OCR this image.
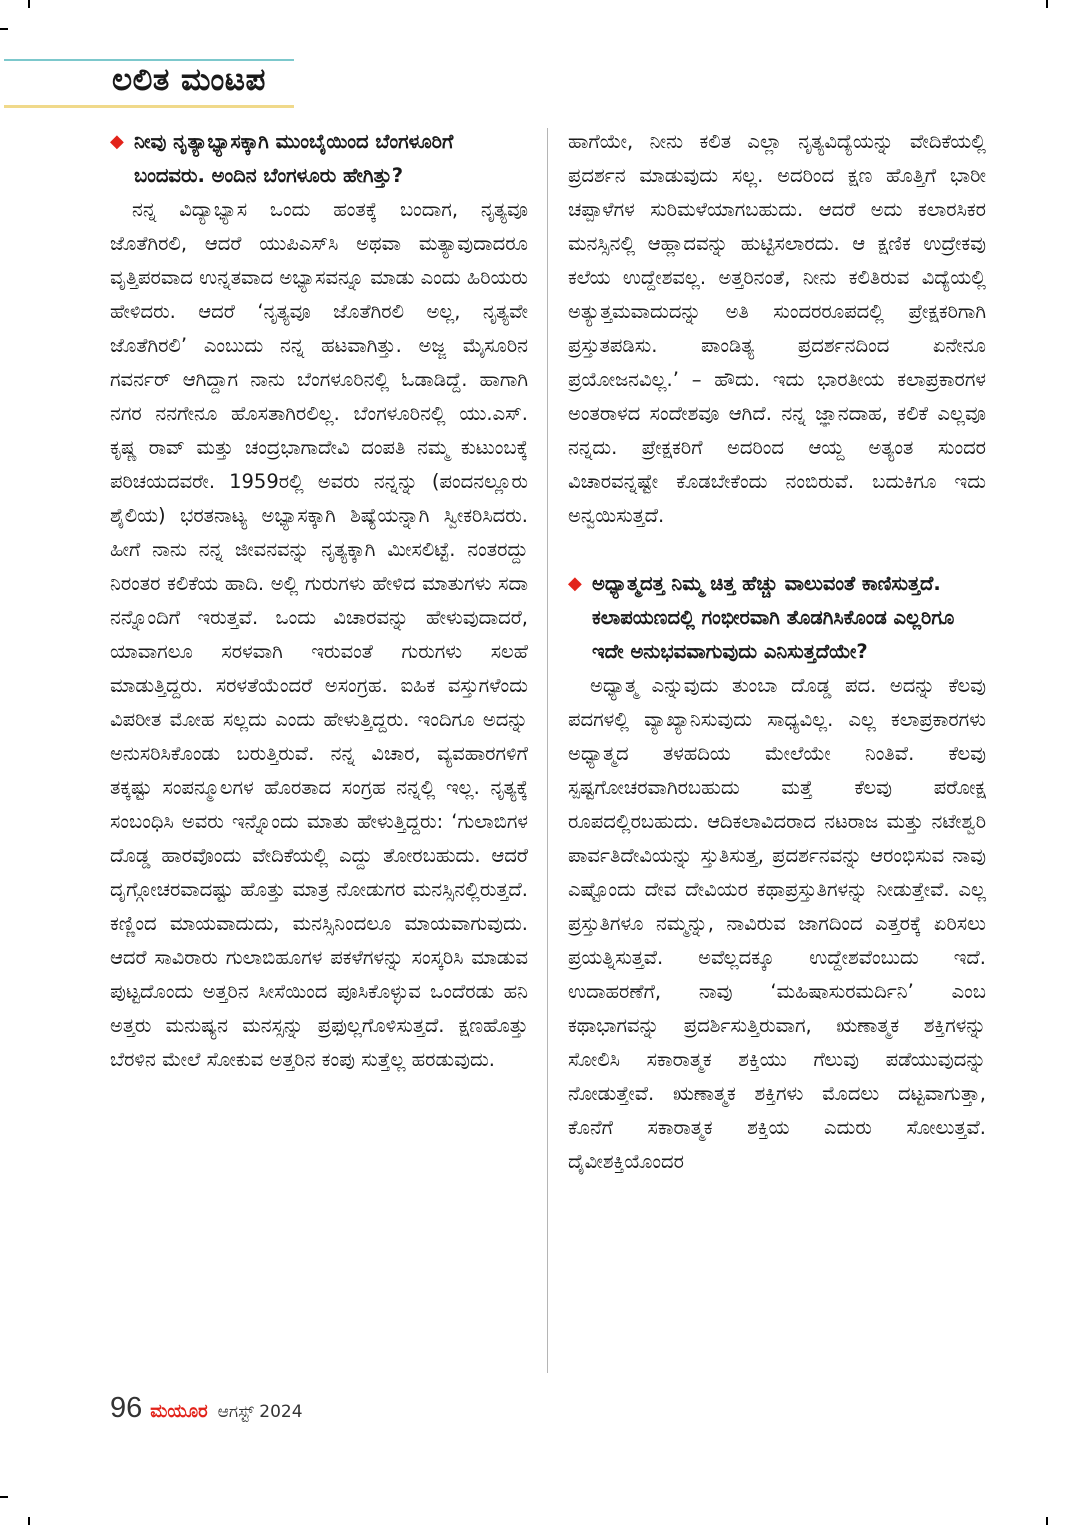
ಲಲಿತ ಮಂಟಪ

◆ ನೀವು ನೃತ್ಯಾಭ್ಯಾಸಕ್ಕಾಗಿ ಮುಂಬೈಯಿಂದ ಬೆಂಗಳೂರಿಗೆ ಬಂದವರು. ಅಂದಿನ ಬೆಂಗಳೂರು ಹೇಗಿತ್ತು?

ನನ್ನ ವಿದ್ಯಾಭ್ಯಾಸ ಒಂದು ಹಂತಕ್ಕೆ ಬಂದಾಗ, ನೃತ್ಯವೂ ಜೊತೆಗಿರಲಿ, ಆದರೆ ಯುಪಿಎಸ್‌ಸಿ ಅಥವಾ ಮತ್ಯಾವುದಾದರೂ ವೃತ್ತಿಪರವಾದ ಉನ್ನತವಾದ ಅಭ್ಯಾಸವನ್ನೂ ಮಾಡು ಎಂದು ಹಿರಿಯರು ಹೇಳಿದರು. ಆದರೆ ‘ನೃತ್ಯವೂ ಜೊತೆಗಿರಲಿ ಅಲ್ಲ, ನೃತ್ಯವೇ ಜೊತೆಗಿರಲಿ’ ಎಂಬುದು ನನ್ನ ಹಟವಾಗಿತ್ತು. ಅಜ್ಜ ಮೈಸೂರಿನ ಗವರ್ನರ್ ಆಗಿದ್ದಾಗ ನಾನು ಬೆಂಗಳೂರಿನಲ್ಲಿ ಓಡಾಡಿದ್ದೆ. ಹಾಗಾಗಿ ನಗರ ನನಗೇನೂ ಹೊಸತಾಗಿರಲಿಲ್ಲ. ಬೆಂಗಳೂರಿನಲ್ಲಿ ಯು.ಎಸ್. ಕೃಷ್ಣ ರಾವ್ ಮತ್ತು ಚಂದ್ರಭಾಗಾದೇವಿ ದಂಪತಿ ನಮ್ಮ ಕುಟುಂಬಕ್ಕೆ ಪರಿಚಯದವರೇ. 1959ರಲ್ಲಿ ಅವರು ನನ್ನನ್ನು (ಪಂದನಲ್ಲೂರು ಶೈಲಿಯ) ಭರತನಾಟ್ಯ ಅಭ್ಯಾಸಕ್ಕಾಗಿ ಶಿಷ್ಯೆಯನ್ನಾಗಿ ಸ್ವೀಕರಿಸಿದರು. ಹೀಗೆ ನಾನು ನನ್ನ ಜೀವನವನ್ನು ನೃತ್ಯಕ್ಕಾಗಿ ಮೀಸಲಿಟ್ಟೆ. ನಂತರದ್ದು ನಿರಂತರ ಕಲಿಕೆಯ ಹಾದಿ. ಅಲ್ಲಿ ಗುರುಗಳು ಹೇಳಿದ ಮಾತುಗಳು ಸದಾ ನನ್ನೊಂದಿಗೆ ಇರುತ್ತವೆ. ಒಂದು ವಿಚಾರವನ್ನು ಹೇಳುವುದಾದರೆ, ಯಾವಾಗಲೂ ಸರಳವಾಗಿ ಇರುವಂತೆ ಗುರುಗಳು ಸಲಹೆ ಮಾಡುತ್ತಿದ್ದರು. ಸರಳತೆಯೆಂದರೆ ಅಸಂಗ್ರಹ. ಐಹಿಕ ವಸ್ತುಗಳೆಂದು ವಿಪರೀತ ಮೋಹ ಸಲ್ಲದು ಎಂದು ಹೇಳುತ್ತಿದ್ದರು. ಇಂದಿಗೂ ಅದನ್ನು ಅನುಸರಿಸಿಕೊಂಡು ಬರುತ್ತಿರುವೆ. ನನ್ನ ವಿಚಾರ, ವ್ಯವಹಾರಗಳಿಗೆ ತಕ್ಕಷ್ಟು ಸಂಪನ್ಮೂಲಗಳ ಹೊರತಾದ ಸಂಗ್ರಹ ನನ್ನಲ್ಲಿ ಇಲ್ಲ. ನೃತ್ಯಕ್ಕೆ ಸಂಬಂಧಿಸಿ ಅವರು ಇನ್ನೊಂದು ಮಾತು ಹೇಳುತ್ತಿದ್ದರು: ‘ಗುಲಾಬಿಗಳ ದೊಡ್ಡ ಹಾರವೊಂದು ವೇದಿಕೆಯಲ್ಲಿ ಎದ್ದು ತೋರಬಹುದು. ಆದರೆ ದೃಗ್ಗೋಚರವಾದಷ್ಟು ಹೊತ್ತು ಮಾತ್ರ ನೋಡುಗರ ಮನಸ್ಸಿನಲ್ಲಿರುತ್ತದೆ. ಕಣ್ಣಿಂದ ಮಾಯವಾದುದು, ಮನಸ್ಸಿನಿಂದಲೂ ಮಾಯವಾಗುವುದು. ಆದರೆ ಸಾವಿರಾರು ಗುಲಾಬಿಹೂಗಳ ಪಕಳೆಗಳನ್ನು ಸಂಸ್ಕರಿಸಿ ಮಾಡುವ ಪುಟ್ಟದೊಂದು ಅತ್ತರಿನ ಸೀಸೆಯಿಂದ ಪೂಸಿಕೊಳ್ಳುವ ಒಂದೆರಡು ಹನಿ ಅತ್ತರು ಮನುಷ್ಯನ ಮನಸ್ಸನ್ನು ಪ್ರಫುಲ್ಲಗೊಳಿಸುತ್ತದೆ. ಕ್ಷಣಹೊತ್ತು ಬೆರಳಿನ ಮೇಲೆ ಸೋಕುವ ಅತ್ತರಿನ ಕಂಪು ಸುತ್ತೆಲ್ಲ ಹರಡುವುದು.

ಹಾಗೆಯೇ, ನೀನು ಕಲಿತ ಎಲ್ಲಾ ನೃತ್ಯವಿದ್ಯೆಯನ್ನು ವೇದಿಕೆಯಲ್ಲಿ ಪ್ರದರ್ಶನ ಮಾಡುವುದು ಸಲ್ಲ. ಅದರಿಂದ ಕ್ಷಣ ಹೊತ್ತಿಗೆ ಭಾರೀ ಚಪ್ಪಾಳೆಗಳ ಸುರಿಮಳೆಯಾಗಬಹುದು. ಆದರೆ ಅದು ಕಲಾರಸಿಕರ ಮನಸ್ಸಿನಲ್ಲಿ ಆಹ್ಲಾದವನ್ನು ಹುಟ್ಟಿಸಲಾರದು. ಆ ಕ್ಷಣಿಕ ಉದ್ರೇಕವು ಕಲೆಯ ಉದ್ದೇಶವಲ್ಲ. ಅತ್ತರಿನಂತೆ, ನೀನು ಕಲಿತಿರುವ ವಿದ್ಯೆಯಲ್ಲಿ ಅತ್ಯುತ್ತಮವಾದುದನ್ನು ಅತಿ ಸುಂದರರೂಪದಲ್ಲಿ ಪ್ರೇಕ್ಷಕರಿಗಾಗಿ ಪ್ರಸ್ತುತಪಡಿಸು. ಪಾಂಡಿತ್ಯ ಪ್ರದರ್ಶನದಿಂದ ಏನೇನೂ ಪ್ರಯೋಜನವಿಲ್ಲ.’ – ಹೌದು. ಇದು ಭಾರತೀಯ ಕಲಾಪ್ರಕಾರಗಳ ಅಂತರಾಳದ ಸಂದೇಶವೂ ಆಗಿದೆ. ನನ್ನ ಜ್ಞಾನದಾಹ, ಕಲಿಕೆ ಎಲ್ಲವೂ ನನ್ನದು. ಪ್ರೇಕ್ಷಕರಿಗೆ ಅದರಿಂದ ಆಯ್ದ ಅತ್ಯಂತ ಸುಂದರ ವಿಚಾರವನ್ನಷ್ಟೇ ಕೊಡಬೇಕೆಂದು ನಂಬಿರುವೆ. ಬದುಕಿಗೂ ಇದು ಅನ್ವಯಿಸುತ್ತದೆ.

◆ ಅಧ್ಯಾತ್ಮದತ್ತ ನಿಮ್ಮ ಚಿತ್ತ ಹೆಚ್ಚು ವಾಲುವಂತೆ ಕಾಣಿಸುತ್ತದೆ. ಕಲಾಪಯಣದಲ್ಲಿ ಗಂಭೀರವಾಗಿ ತೊಡಗಿಸಿಕೊಂಡ ಎಲ್ಲರಿಗೂ ಇದೇ ಅನುಭವವಾಗುವುದು ಎನಿಸುತ್ತದೆಯೇ?

ಅಧ್ಯಾತ್ಮ ಎನ್ನುವುದು ತುಂಬಾ ದೊಡ್ಡ ಪದ. ಅದನ್ನು ಕೆಲವು ಪದಗಳಲ್ಲಿ ವ್ಯಾಖ್ಯಾನಿಸುವುದು ಸಾಧ್ಯವಿಲ್ಲ. ಎಲ್ಲ ಕಲಾಪ್ರಕಾರಗಳು ಅಧ್ಯಾತ್ಮದ ತಳಹದಿಯ ಮೇಲೆಯೇ ನಿಂತಿವೆ. ಕೆಲವು ಸ್ಪಷ್ಟಗೋಚರವಾಗಿರಬಹುದು ಮತ್ತೆ ಕೆಲವು ಪರೋಕ್ಷ ರೂಪದಲ್ಲಿರಬಹುದು. ಆದಿಕಲಾವಿದರಾದ ನಟರಾಜ ಮತ್ತು ನಟೇಶ್ವರಿ ಪಾರ್ವತಿದೇವಿಯನ್ನು ಸ್ತುತಿಸುತ್ತ, ಪ್ರದರ್ಶನವನ್ನು ಆರಂಭಿಸುವ ನಾವು ಎಷ್ಟೊಂದು ದೇವ ದೇವಿಯರ ಕಥಾಪ್ರಸ್ತುತಿಗಳನ್ನು ನೀಡುತ್ತೇವೆ. ಎಲ್ಲ ಪ್ರಸ್ತುತಿಗಳೂ ನಮ್ಮನ್ನು, ನಾವಿರುವ ಜಾಗದಿಂದ ಎತ್ತರಕ್ಕೆ ಏರಿಸಲು ಪ್ರಯತ್ನಿಸುತ್ತವೆ. ಅವೆಲ್ಲದಕ್ಕೂ ಉದ್ದೇಶವೆಂಬುದು ಇದೆ. ಉದಾಹರಣೆಗೆ, ನಾವು ‘ಮಹಿಷಾಸುರಮರ್ದಿನಿ’ ಎಂಬ ಕಥಾಭಾಗವನ್ನು ಪ್ರದರ್ಶಿಸುತ್ತಿರುವಾಗ, ಋಣಾತ್ಮಕ ಶಕ್ತಿಗಳನ್ನು ಸೋಲಿಸಿ ಸಕಾರಾತ್ಮಕ ಶಕ್ತಿಯು ಗೆಲುವು ಪಡೆಯುವುದನ್ನು ನೋಡುತ್ತೇವೆ. ಋಣಾತ್ಮಕ ಶಕ್ತಿಗಳು ಮೊದಲು ದಟ್ಟವಾಗುತ್ತಾ, ಕೊನೆಗೆ ಸಕಾರಾತ್ಮಕ ಶಕ್ತಿಯ ಎದುರು ಸೋಲುತ್ತವೆ. ದೈವೀಶಕ್ತಿಯೊಂದರ

96 ಮಯೂರ ಆಗಸ್ಟ್ 2024
